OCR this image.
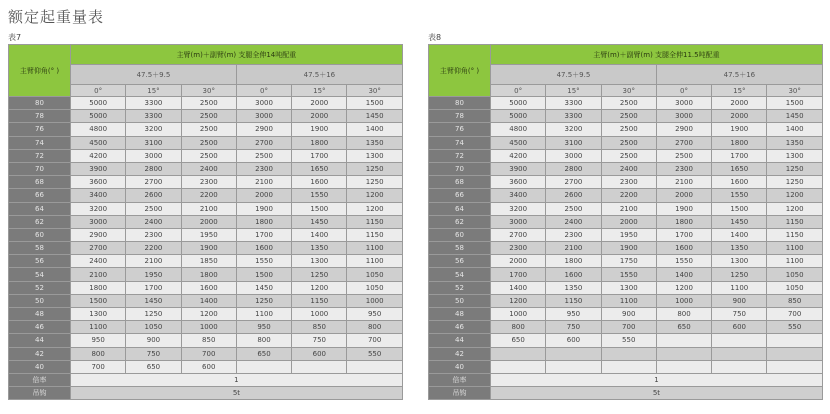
额定起重量表
表7
主臂仰角(° )	主臂(m)＋副臂(m) 支腿全伸14吨配重					
	47.5＋9.5			47.5＋16		
	0°	15°	30°	0°	15°	30°
80	5000	3300	2500	3000	2000	1500
78	5000	3300	2500	3000	2000	1450
76	4800	3200	2500	2900	1900	1400
74	4500	3100	2500	2700	1800	1350
72	4200	3000	2500	2500	1700	1300
70	3900	2800	2400	2300	1650	1250
68	3600	2700	2300	2100	1600	1250
66	3400	2600	2200	2000	1550	1200
64	3200	2500	2100	1900	1500	1200
62	3000	2400	2000	1800	1450	1150
60	2900	2300	1950	1700	1400	1150
58	2700	2200	1900	1600	1350	1100
56	2400	2100	1850	1550	1300	1100
54	2100	1950	1800	1500	1250	1050
52	1800	1700	1600	1450	1200	1050
50	1500	1450	1400	1250	1150	1000
48	1300	1250	1200	1100	1000	950
46	1100	1050	1000	950	850	800
44	950	900	850	800	750	700
42	800	750	700	650	600	550
40	700	650	600			
倍率	1					
吊钩	5t					
表8
主臂仰角(° )	主臂(m)＋副臂(m) 支腿全伸11.5吨配重					
	47.5＋9.5			47.5＋16		
	0°	15°	30°	0°	15°	30°
80	5000	3300	2500	3000	2000	1500
78	5000	3300	2500	3000	2000	1450
76	4800	3200	2500	2900	1900	1400
74	4500	3100	2500	2700	1800	1350
72	4200	3000	2500	2500	1700	1300
70	3900	2800	2400	2300	1650	1250
68	3600	2700	2300	2100	1600	1250
66	3400	2600	2200	2000	1550	1200
64	3200	2500	2100	1900	1500	1200
62	3000	2400	2000	1800	1450	1150
60	2700	2300	1950	1700	1400	1150
58	2300	2100	1900	1600	1350	1100
56	2000	1800	1750	1550	1300	1100
54	1700	1600	1550	1400	1250	1050
52	1400	1350	1300	1200	1100	1050
50	1200	1150	1100	1000	900	850
48	1000	950	900	800	750	700
46	800	750	700	650	600	550
44	650	600	550			
42						
40						
倍率	1					
吊钩	5t					
